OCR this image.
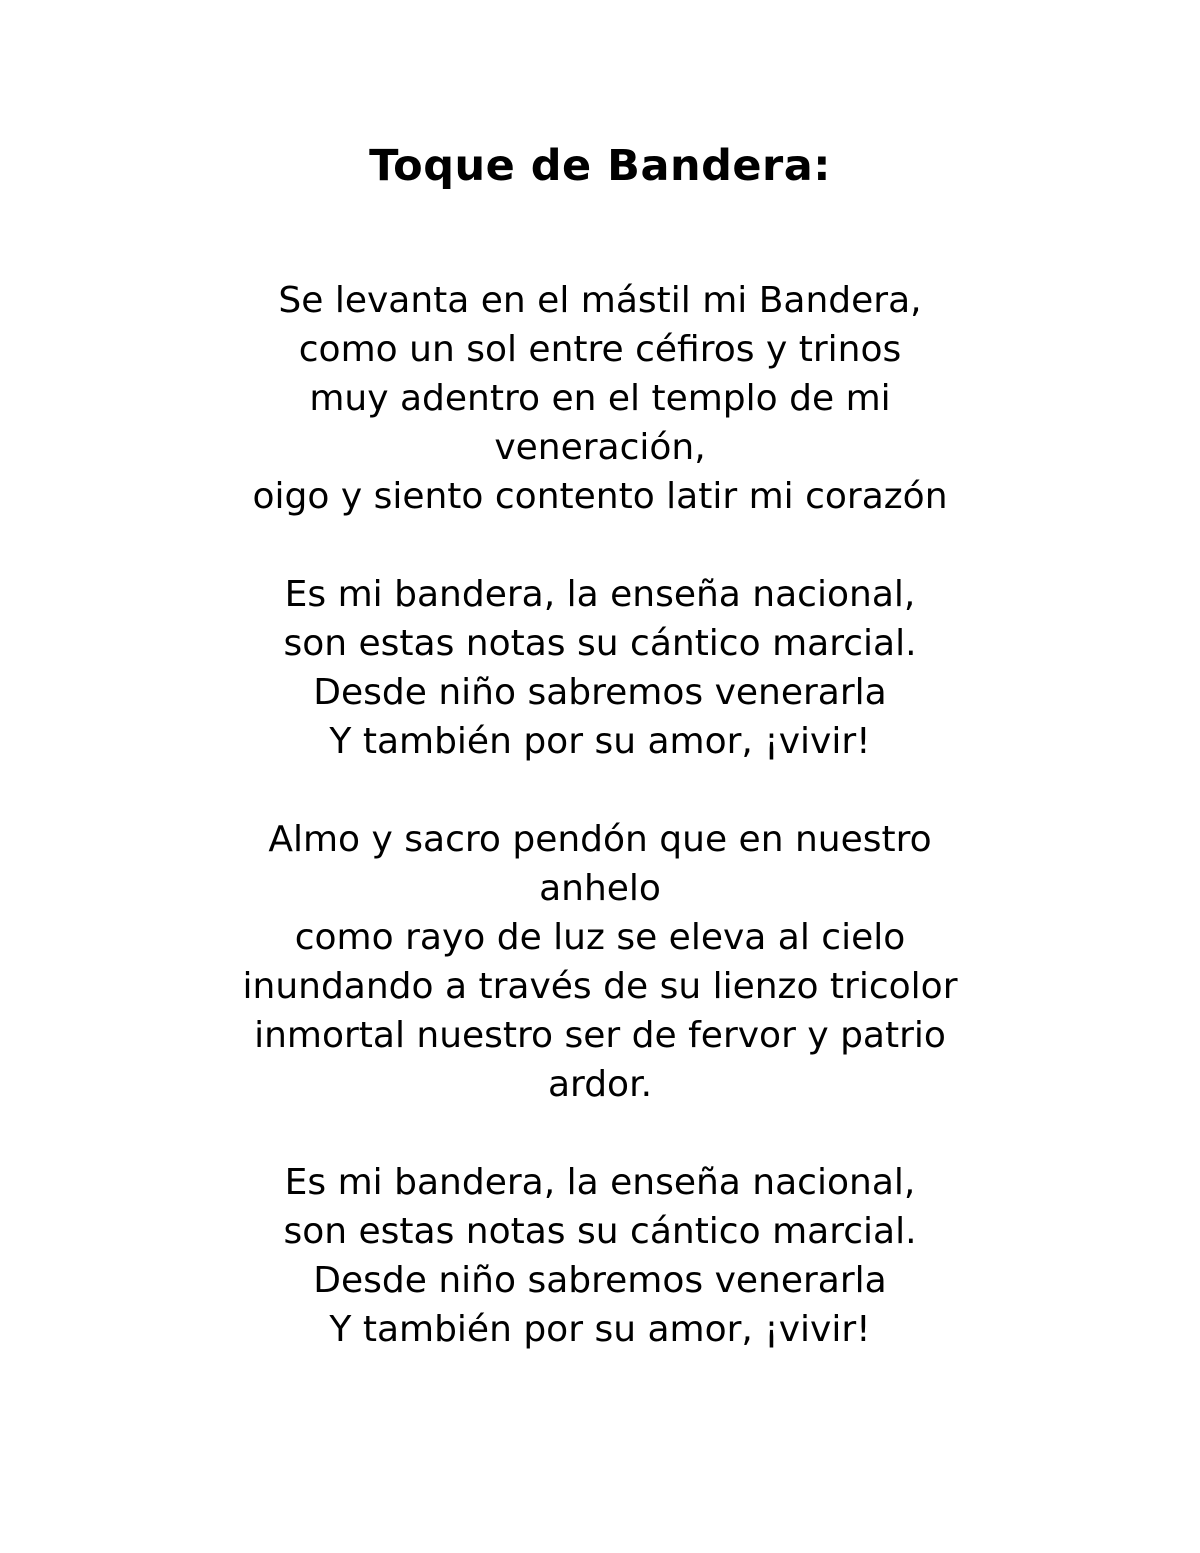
Toque de Bandera:
Se levanta en el mástil mi Bandera,
como un sol entre céfiros y trinos
muy adentro en el templo de mi
veneración,
oigo y siento contento latir mi corazón
Es mi bandera, la enseña nacional,
son estas notas su cántico marcial.
Desde niño sabremos venerarla
Y también por su amor, ¡vivir!
Almo y sacro pendón que en nuestro
anhelo
como rayo de luz se eleva al cielo
inundando a través de su lienzo tricolor
inmortal nuestro ser de fervor y patrio
ardor.
Es mi bandera, la enseña nacional,
son estas notas su cántico marcial.
Desde niño sabremos venerarla
Y también por su amor, ¡vivir!
